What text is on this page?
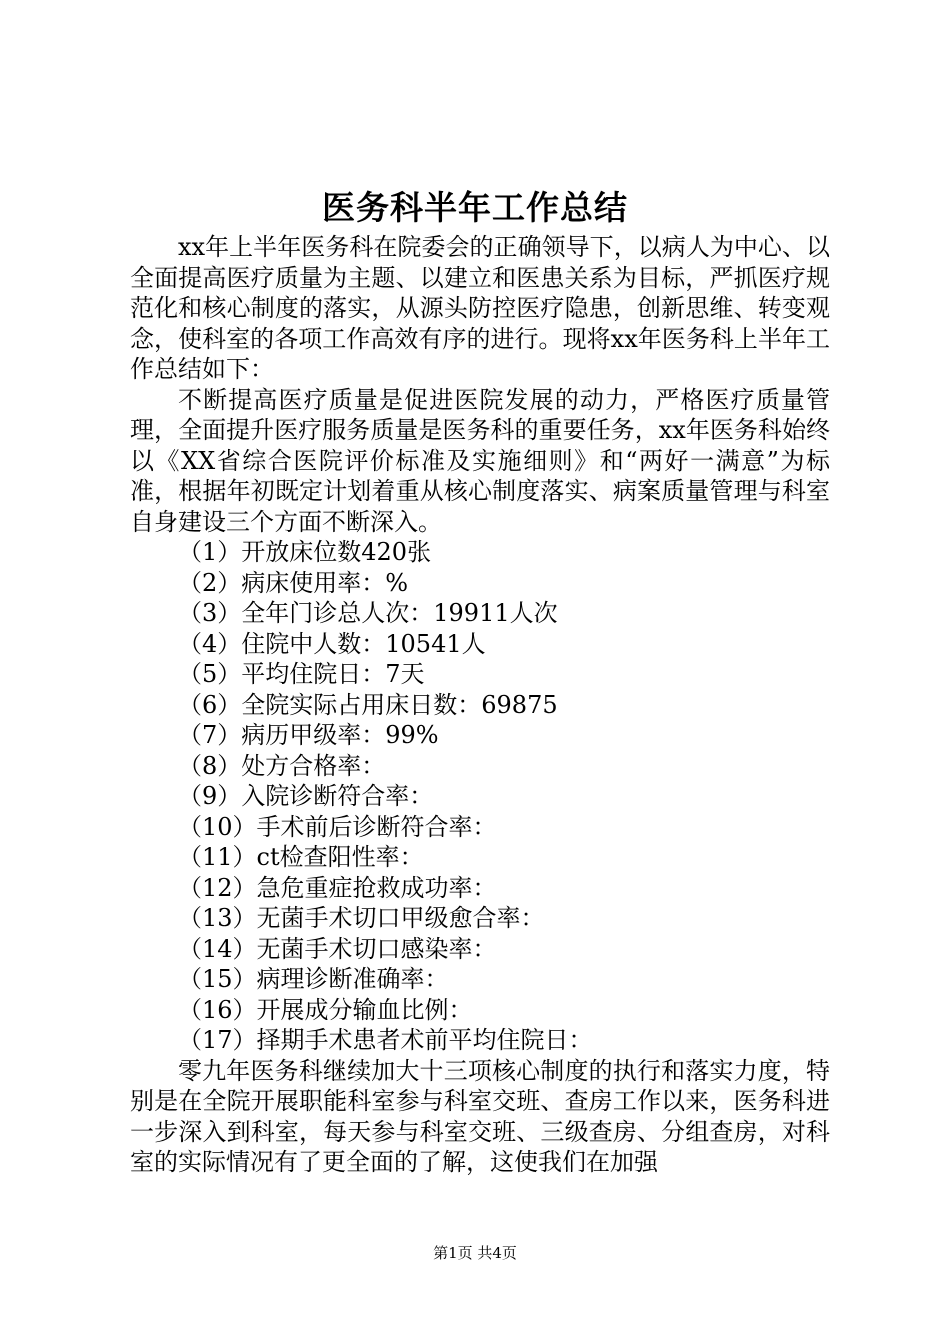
医务科半年工作总结

xx年上半年医务科在院委会的正确领导下，以病人为中心、以全面提高医疗质量为主题、以建立和医患关系为目标，严抓医疗规范化和核心制度的落实，从源头防控医疗隐患，创新思维、转变观念，使科室的各项工作高效有序的进行。现将xx年医务科上半年工作总结如下：

不断提高医疗质量是促进医院发展的动力，严格医疗质量管理，全面提升医疗服务质量是医务科的重要任务，xx年医务科始终以《XX省综合医院评价标准及实施细则》和“两好一满意”为标准，根据年初既定计划着重从核心制度落实、病案质量管理与科室自身建设三个方面不断深入。

（1）开放床位数420张
（2）病床使用率：%
（3）全年门诊总人次：19911人次
（4）住院中人数：10541人
（5）平均住院日：7天
（6）全院实际占用床日数：69875
（7）病历甲级率：99%
（8）处方合格率：
（9）入院诊断符合率：
（10）手术前后诊断符合率：
（11）ct检查阳性率：
（12）急危重症抢救成功率：
（13）无菌手术切口甲级愈合率：
（14）无菌手术切口感染率：
（15）病理诊断准确率：
（16）开展成分输血比例：
（17）择期手术患者术前平均住院日：

零九年医务科继续加大十三项核心制度的执行和落实力度，特别是在全院开展职能科室参与科室交班、查房工作以来，医务科进一步深入到科室，每天参与科室交班、三级查房、分组查房，对科室的实际情况有了更全面的了解，这使我们在加强

第1页 共4页
